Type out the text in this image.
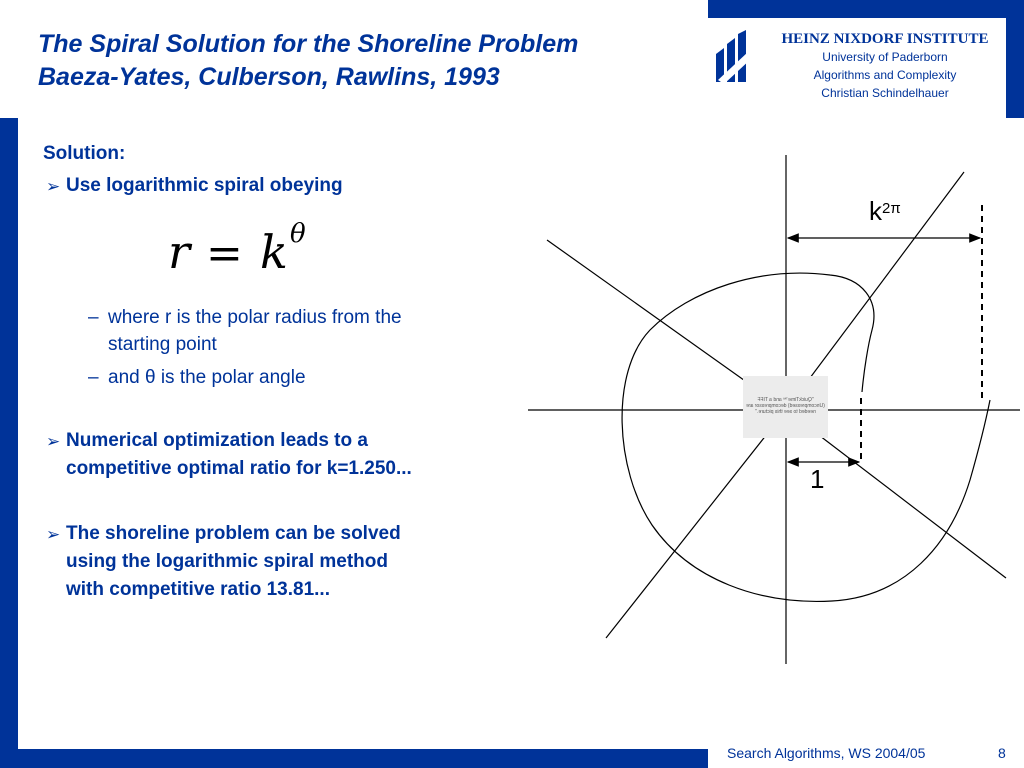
The Spiral Solution for the Shoreline Problem
Baeza-Yates, Culberson, Rawlins, 1993
HEINZ NIXDORF INSTITUTE
University of Paderborn
Algorithms and Complexity
Christian Schindelhauer
Solution:
➢ Use logarithmic spiral obeying
r = k θ
– where r is the polar radius from the
starting point
– and θ is the polar angle
➢ Numerical optimization leads to a
competitive optimal ratio for k=1.250...
➢ The shoreline problem can be solved
using the logarithmic spiral method
with competitive ratio 13.81...
"QuickTime™ and a TIFF (Uncompressed) decompressor are needed to see this picture."
$k^{2\pi}$
1
Search Algorithms, WS 2004/05	8
